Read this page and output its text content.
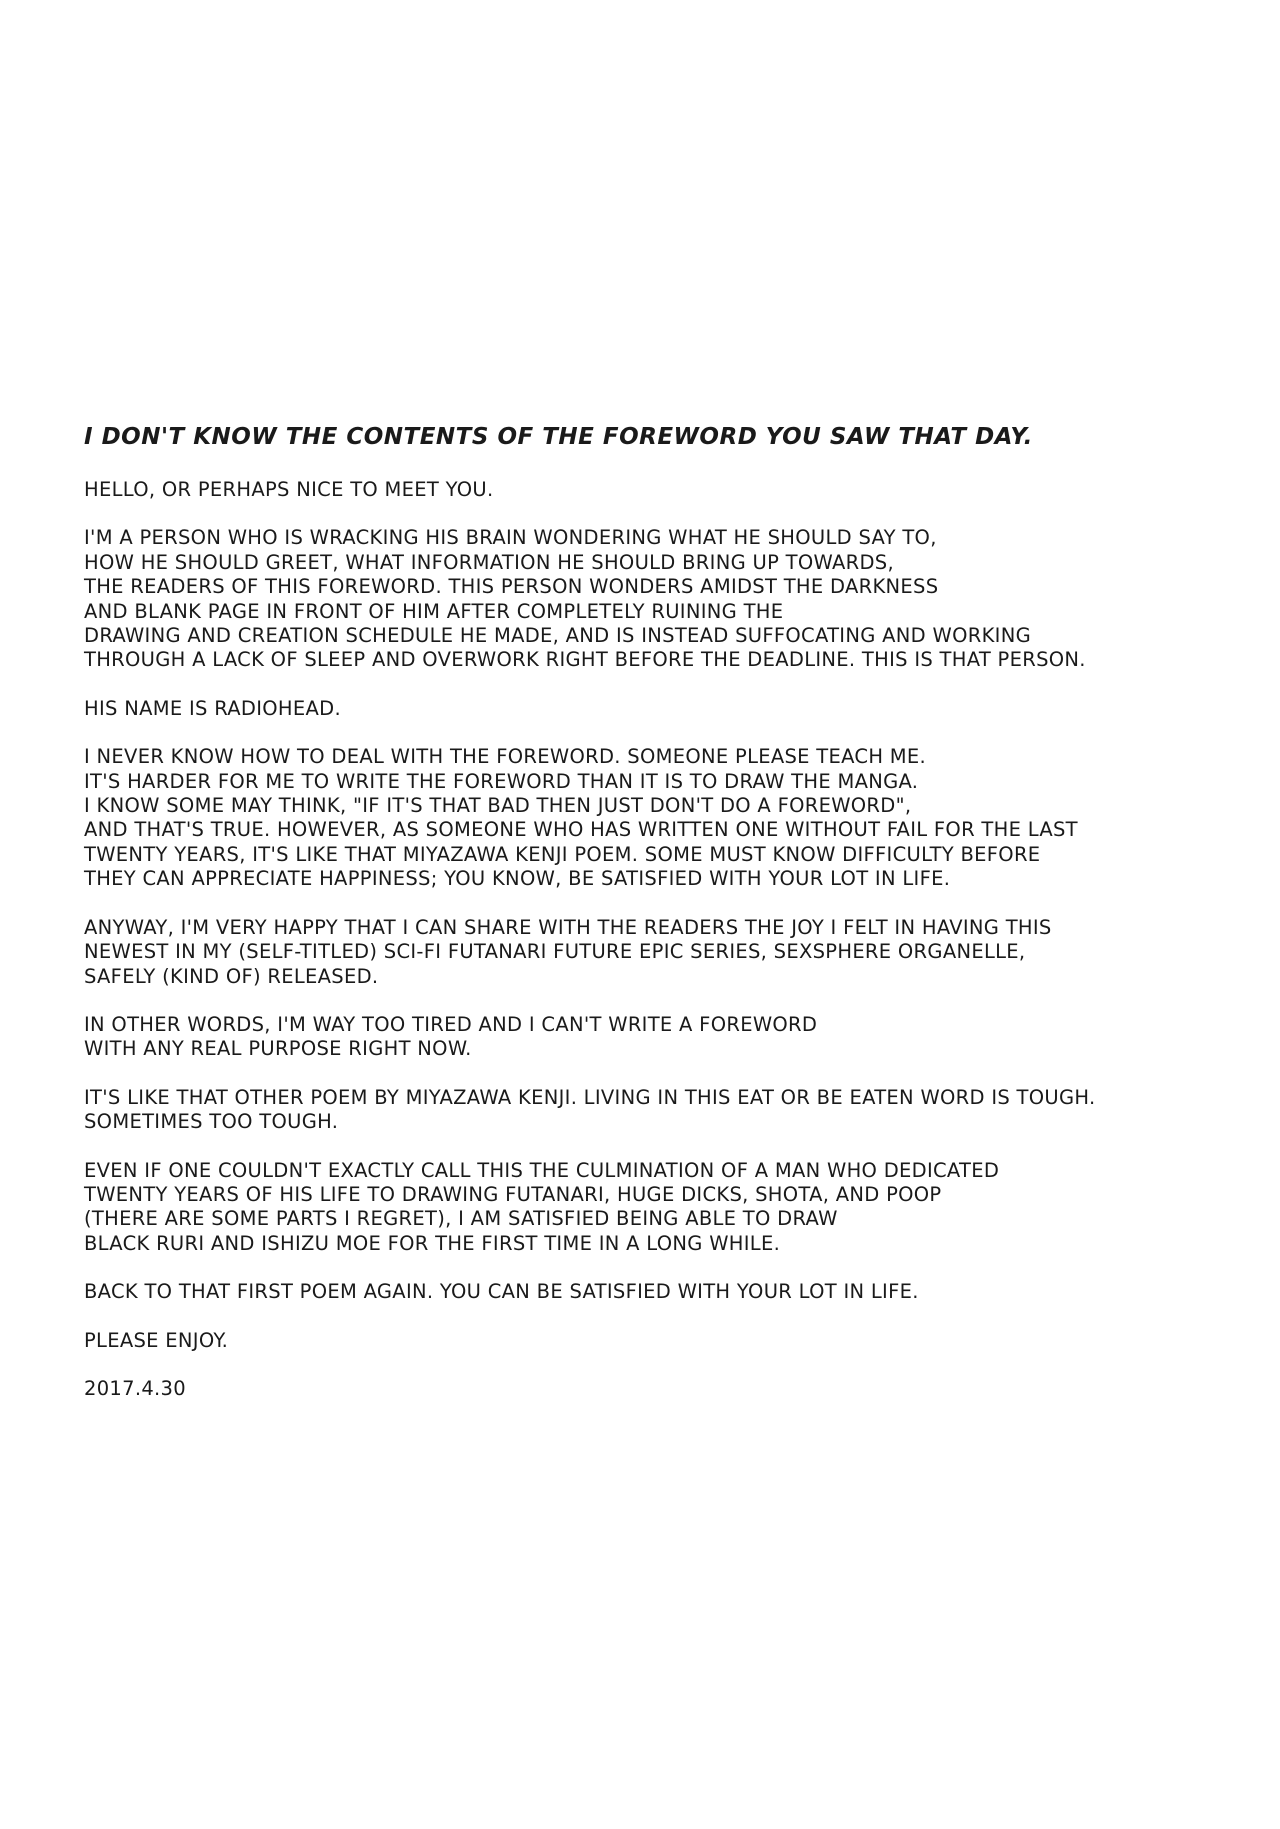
I DON'T KNOW THE CONTENTS OF THE FOREWORD YOU SAW THAT DAY.
HELLO, OR PERHAPS NICE TO MEET YOU.
I'M A PERSON WHO IS WRACKING HIS BRAIN WONDERING WHAT HE SHOULD SAY TO,
HOW HE SHOULD GREET, WHAT INFORMATION HE SHOULD BRING UP TOWARDS,
THE READERS OF THIS FOREWORD. THIS PERSON WONDERS AMIDST THE DARKNESS
AND BLANK PAGE IN FRONT OF HIM AFTER COMPLETELY RUINING THE
DRAWING AND CREATION SCHEDULE HE MADE, AND IS INSTEAD SUFFOCATING AND WORKING
THROUGH A LACK OF SLEEP AND OVERWORK RIGHT BEFORE THE DEADLINE. THIS IS THAT PERSON.
HIS NAME IS RADIOHEAD.
I NEVER KNOW HOW TO DEAL WITH THE FOREWORD. SOMEONE PLEASE TEACH ME.
IT'S HARDER FOR ME TO WRITE THE FOREWORD THAN IT IS TO DRAW THE MANGA.
I KNOW SOME MAY THINK, "IF IT'S THAT BAD THEN JUST DON'T DO A FOREWORD",
AND THAT'S TRUE. HOWEVER, AS SOMEONE WHO HAS WRITTEN ONE WITHOUT FAIL FOR THE LAST
TWENTY YEARS, IT'S LIKE THAT MIYAZAWA KENJI POEM. SOME MUST KNOW DIFFICULTY BEFORE
THEY CAN APPRECIATE HAPPINESS; YOU KNOW, BE SATISFIED WITH YOUR LOT IN LIFE.
ANYWAY, I'M VERY HAPPY THAT I CAN SHARE WITH THE READERS THE JOY I FELT IN HAVING THIS
NEWEST IN MY (SELF-TITLED) SCI-FI FUTANARI FUTURE EPIC SERIES, SEXSPHERE ORGANELLE,
SAFELY (KIND OF) RELEASED.
IN OTHER WORDS, I'M WAY TOO TIRED AND I CAN'T WRITE A FOREWORD
WITH ANY REAL PURPOSE RIGHT NOW.
IT'S LIKE THAT OTHER POEM BY MIYAZAWA KENJI. LIVING IN THIS EAT OR BE EATEN WORD IS TOUGH.
SOMETIMES TOO TOUGH.
EVEN IF ONE COULDN'T EXACTLY CALL THIS THE CULMINATION OF A MAN WHO DEDICATED
TWENTY YEARS OF HIS LIFE TO DRAWING FUTANARI, HUGE DICKS, SHOTA, AND POOP
(THERE ARE SOME PARTS I REGRET), I AM SATISFIED BEING ABLE TO DRAW
BLACK RURI AND ISHIZU MOE FOR THE FIRST TIME IN A LONG WHILE.
BACK TO THAT FIRST POEM AGAIN. YOU CAN BE SATISFIED WITH YOUR LOT IN LIFE.
PLEASE ENJOY.
2017.4.30
